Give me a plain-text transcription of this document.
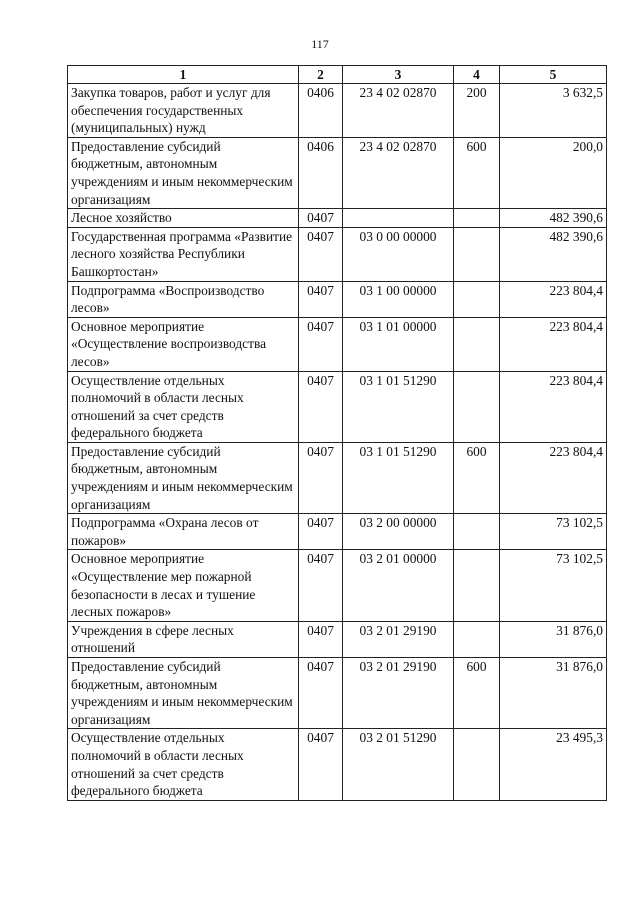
117
1	2	3	4	5
Закупка товаров, работ и услуг для обеспечения государственных (муниципальных) нужд	0406	23 4 02 02870	200	3 632,5
Предоставление субсидий бюджетным, автономным учреждениям и иным некоммерческим организациям	0406	23 4 02 02870	600	200,0
Лесное хозяйство	0407			482 390,6
Государственная программа «Развитие лесного хозяйства Республики Башкортостан»	0407	03 0 00 00000		482 390,6
Подпрограмма «Воспроизводство лесов»	0407	03 1 00 00000		223 804,4
Основное мероприятие «Осуществление воспроизводства лесов»	0407	03 1 01 00000		223 804,4
Осуществление отдельных полномочий в области лесных отношений за счет средств федерального бюджета	0407	03 1 01 51290		223 804,4
Предоставление субсидий бюджетным, автономным учреждениям и иным некоммерческим организациям	0407	03 1 01 51290	600	223 804,4
Подпрограмма «Охрана лесов от пожаров»	0407	03 2 00 00000		73 102,5
Основное мероприятие «Осуществление мер пожарной безопасности в лесах и тушение лесных пожаров»	0407	03 2 01 00000		73 102,5
Учреждения в сфере лесных отношений	0407	03 2 01 29190		31 876,0
Предоставление субсидий бюджетным, автономным учреждениям и иным некоммерческим организациям	0407	03 2 01 29190	600	31 876,0
Осуществление отдельных полномочий в области лесных отношений за счет средств федерального бюджета	0407	03 2 01 51290		23 495,3
